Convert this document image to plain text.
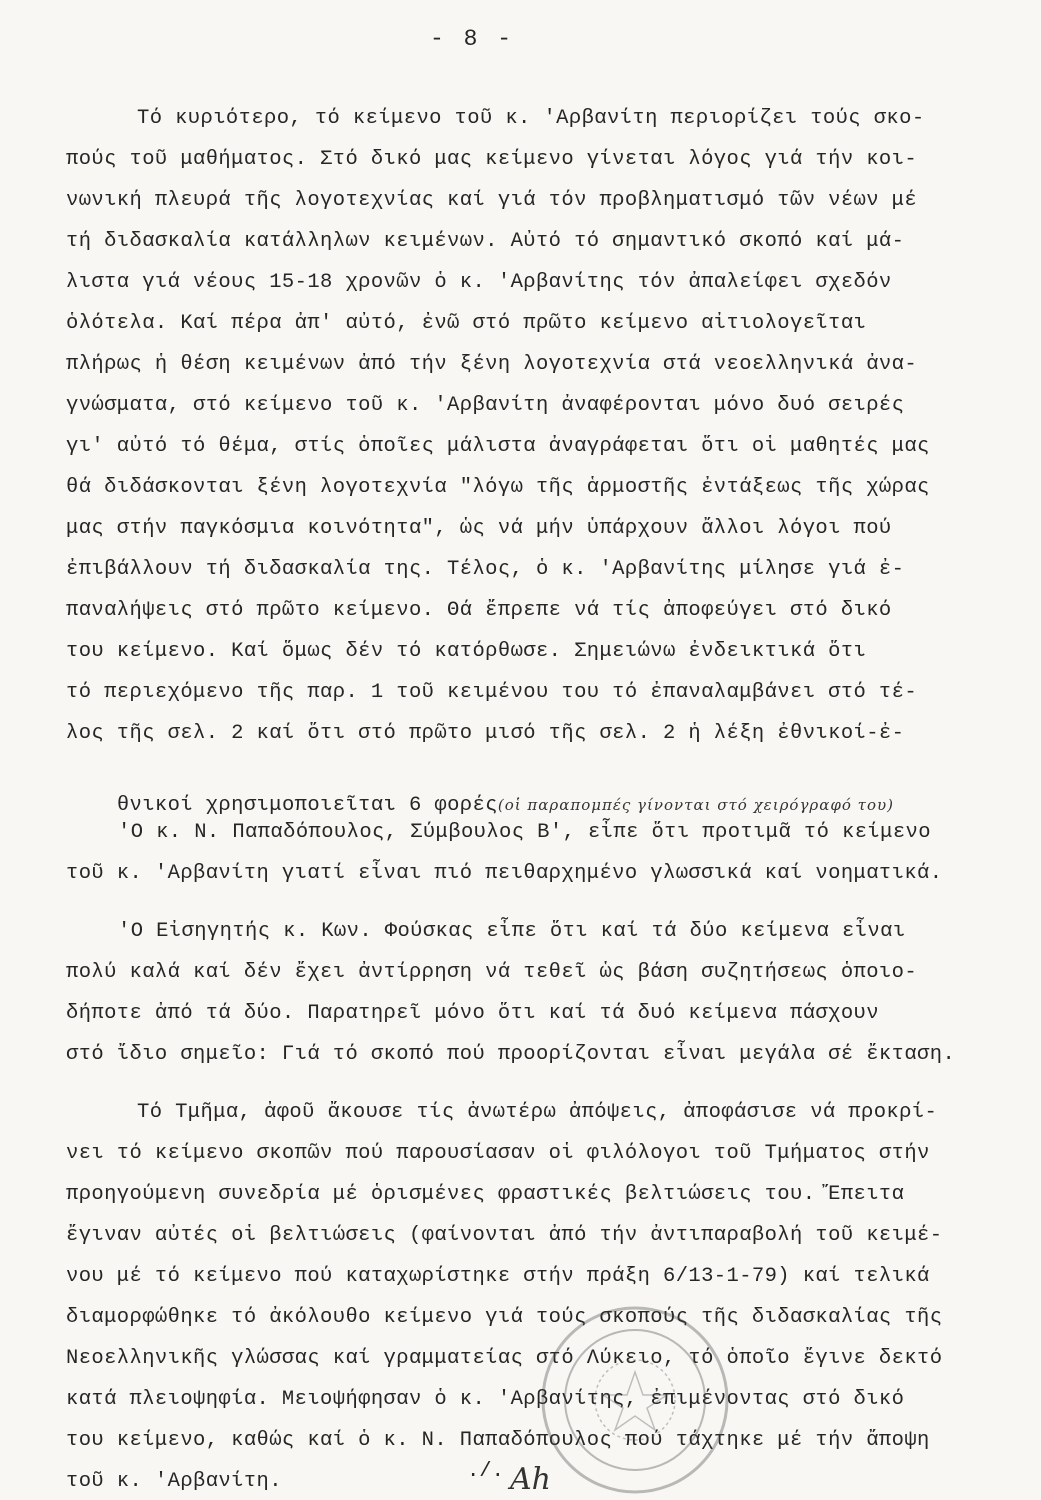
- 8 -
Τό κυριότερο, τό κείμενο τοῦ κ. 'Αρβανίτη περιορίζει τούς σκο-
πούς τοῦ μαθήματος. Στό δικό μας κείμενο γίνεται λόγος γιά τήν κοι-
νωνική πλευρά τῆς λογοτεχνίας καί γιά τόν προβληματισμό τῶν νέων μέ
τή διδασκαλία κατάλληλων κειμένων. Αὐτό τό σημαντικό σκοπό καί μά-
λιστα γιά νέους 15-18 χρονῶν ὁ κ. 'Αρβανίτης τόν ἀπαλείφει σχεδόν
ὁλότελα. Καί πέρα ἀπ' αὐτό, ἐνῶ στό πρῶτο κείμενο αἰτιολογεῖται
πλήρως ἡ θέση κειμένων ἀπό τήν ξένη λογοτεχνία στά νεοελληνικά ἀνα-
γνώσματα, στό κείμενο τοῦ κ. 'Αρβανίτη ἀναφέρονται μόνο δυό σειρές
γι' αὐτό τό θέμα, στίς ὁποῖες μάλιστα ἀναγράφεται ὅτι οἱ μαθητές μας
θά διδάσκονται ξένη λογοτεχνία "λόγω τῆς ἁρμοστῆς ἐντάξεως τῆς χώρας
μας στήν παγκόσμια κοινότητα", ὡς νά μήν ὑπάρχουν ἄλλοι λόγοι πού
ἐπιβάλλουν τή διδασκαλία της. Τέλος, ὁ κ. 'Αρβανίτης μίλησε γιά ἐ-
παναλήψεις στό πρῶτο κείμενο. Θά ἔπρεπε νά τίς ἀποφεύγει στό δικό
του κείμενο. Καί ὅμως δέν τό κατόρθωσε. Σημειώνω ἐνδεικτικά ὅτι
τό περιεχόμενο τῆς παρ. 1 τοῦ κειμένου του τό ἐπαναλαμβάνει στό τέ-
λος τῆς σελ. 2 καί ὅτι στό πρῶτο μισό τῆς σελ. 2 ἡ λέξη ἐθνικοί-ἐ-

θνικοί χρησιμοποιεῖται 6 φορές(οἱ παραπομπές γίνονται στό χειρόγραφό του)

'Ο κ. Ν. Παπαδόπουλος, Σύμβουλος Β', εἶπε ὅτι προτιμᾶ τό κείμενο
τοῦ κ. 'Αρβανίτη γιατί εἶναι πιό πειθαρχημένο γλωσσικά καί νοηματικά.
'Ο Εἰσηγητής κ. Κων. Φούσκας εἶπε ὅτι καί τά δύο κείμενα εἶναι
πολύ καλά καί δέν ἔχει ἀντίρρηση νά τεθεῖ ὡς βάση συζητήσεως ὁποιο-
δήποτε ἀπό τά δύο. Παρατηρεῖ μόνο ὅτι καί τά δυό κείμενα πάσχουν
στό ἴδιο σημεῖο: Γιά τό σκοπό πού προορίζονται εἶναι μεγάλα σέ ἔκταση.
Τό Τμῆμα, ἀφοῦ ἄκουσε τίς ἀνωτέρω ἀπόψεις, ἀποφάσισε νά προκρί-
νει τό κείμενο σκοπῶν πού παρουσίασαν οἱ φιλόλογοι τοῦ Τμήματος στήν
προηγούμενη συνεδρία μέ ὁρισμένες φραστικές βελτιώσεις του. Ἔπειτα
ἔγιναν αὐτές οἱ βελτιώσεις (φαίνονται ἀπό τήν ἀντιπαραβολή τοῦ κειμέ-
νου μέ τό κείμενο πού καταχωρίστηκε στήν πράξη 6/13-1-79) καί τελικά
διαμορφώθηκε τό ἀκόλουθο κείμενο γιά τούς σκοπούς τῆς διδασκαλίας τῆς
Νεοελληνικῆς γλώσσας καί γραμματείας στό Λύκειο, τό ὁποῖο ἔγινε δεκτό
κατά πλειοψηφία. Μειοψήφησαν ὁ κ. 'Αρβανίτης, ἐπιμένοντας στό δικό
του κείμενο, καθώς καί ὁ κ. Ν. Παπαδόπουλος πού τάχτηκε μέ τήν ἄποψη
τοῦ κ. 'Αρβανίτη.	./. Ah
